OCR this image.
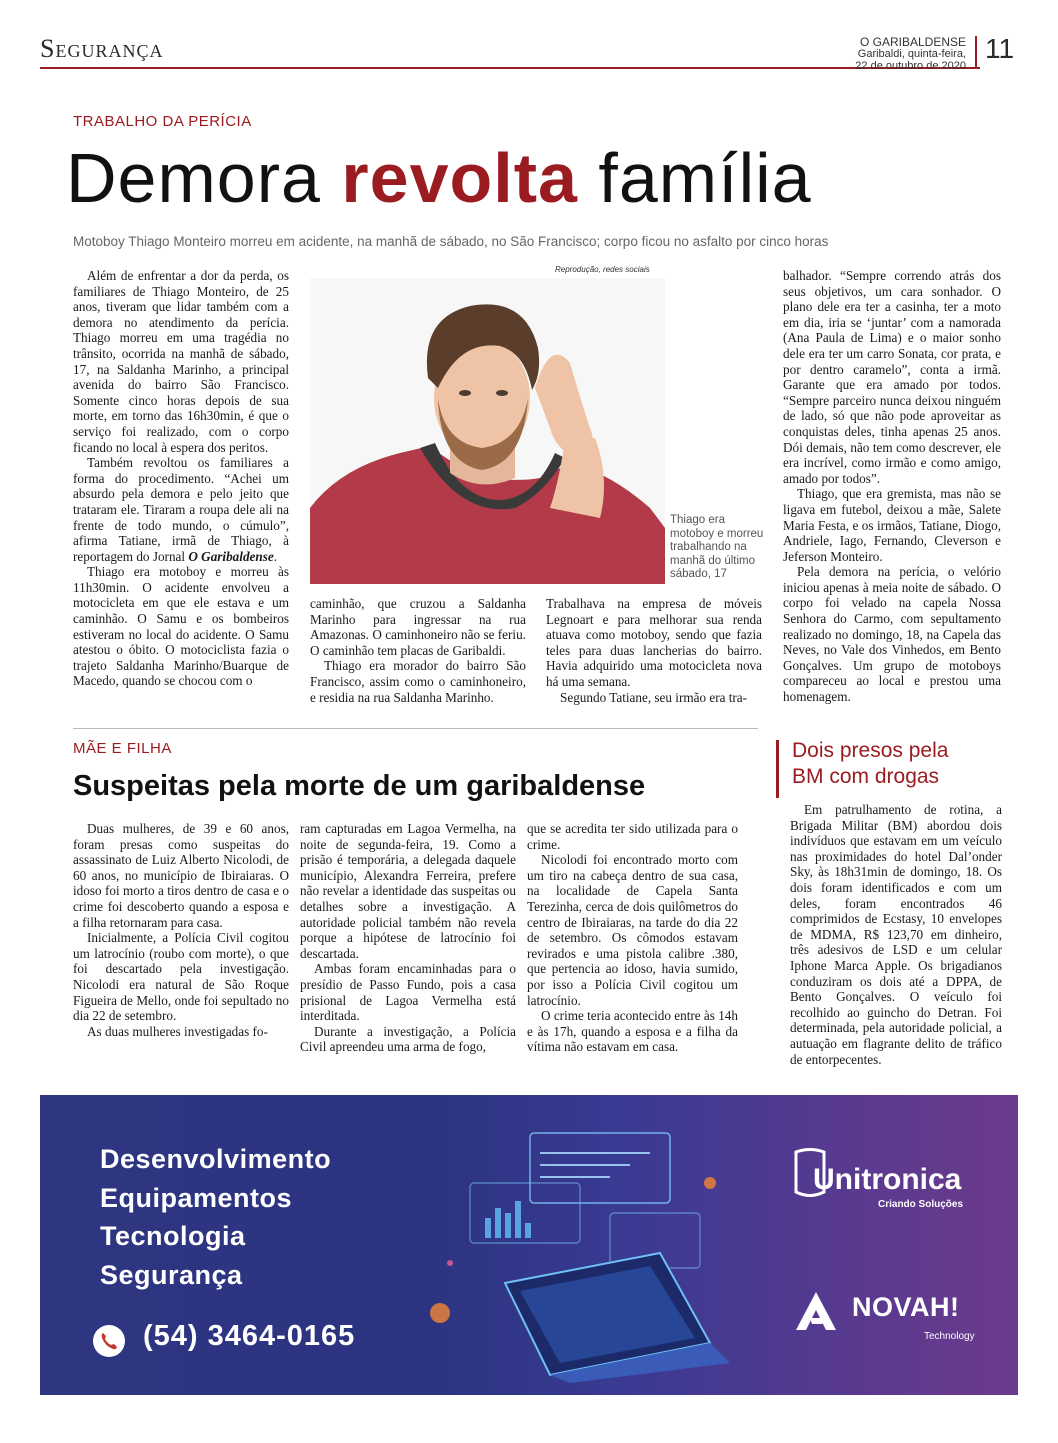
Segurança	O GARIBALDENSE
Garibaldi, quinta-feira,
22 de outubro de 2020
11
TRABALHO DA PERÍCIA
Demora revolta família
Motoboy Thiago Monteiro morreu em acidente, na manhã de sábado, no São Francisco; corpo ficou no asfalto por cinco horas

Além de enfrentar a dor da perda, os familiares de Thiago Monteiro, de 25 anos, tiveram que lidar também com a demora no atendimento da perícia. Thiago morreu em uma tragédia no trânsito, ocorrida na manhã de sábado, 17, na Saldanha Marinho, a principal avenida do bairro São Francisco. Somente cinco horas depois de sua morte, em torno das 16h30min, é que o serviço foi realizado, com o corpo ficando no local à espera dos peritos.

Também revoltou os familiares a forma do procedimento. “Achei um absurdo pela demora e pelo jeito que trataram ele. Tiraram a roupa dele ali na frente de todo mundo, o cúmulo”, afirma Tatiane, irmã de Thiago, à reportagem do Jornal O Garibaldense.

Thiago era motoboy e morreu às 11h30min. O acidente envolveu a motocicleta em que ele estava e um caminhão. O Samu e os bombeiros estiveram no local do acidente. O Samu atestou o óbito. O motociclista fazia o trajeto Saldanha Marinho/Buarque de Macedo, quando se chocou com o

Reprodução, redes sociais
Thiago era motoboy e morreu trabalhando na manhã do último sábado, 17

caminhão, que cruzou a Saldanha Marinho para ingressar na rua Amazonas. O caminhoneiro não se feriu. O caminhão tem placas de Garibaldi.

Thiago era morador do bairro São Francisco, assim como o caminhoneiro, e residia na rua Saldanha Marinho.

Trabalhava na empresa de móveis Legnoart e para melhorar sua renda atuava como motoboy, sendo que fazia teles para duas lancherias do bairro. Havia adquirido uma motocicleta nova há uma semana.

Segundo Tatiane, seu irmão era tra-

balhador. “Sempre correndo atrás dos seus objetivos, um cara sonhador. O plano dele era ter a casinha, ter a moto em dia, iria se ‘juntar’ com a namorada (Ana Paula de Lima) e o maior sonho dele era ter um carro Sonata, cor prata, e por dentro caramelo”, conta a irmã. Garante que era amado por todos. “Sempre parceiro nunca deixou ninguém de lado, só que não pode aproveitar as conquistas deles, tinha apenas 25 anos. Dói demais, não tem como descrever, ele era incrível, como irmão e como amigo, amado por todos”.

Thiago, que era gremista, mas não se ligava em futebol, deixou a mãe, Salete Maria Festa, e os irmãos, Tatiane, Diogo, Andriele, Iago, Fernando, Cleverson e Jeferson Monteiro.

Pela demora na perícia, o velório iniciou apenas à meia noite de sábado. O corpo foi velado na capela Nossa Senhora do Carmo, com sepultamento realizado no domingo, 18, na Capela das Neves, no Vale dos Vinhedos, em Bento Gonçalves. Um grupo de motoboys compareceu ao local e prestou uma homenagem.

MÃE E FILHA
Suspeitas pela morte de um garibaldense

Duas mulheres, de 39 e 60 anos, foram presas como suspeitas do assassinato de Luiz Alberto Nicolodi, de 60 anos, no município de Ibiraiaras. O idoso foi morto a tiros dentro de casa e o crime foi descoberto quando a esposa e a filha retornaram para casa.

Inicialmente, a Polícia Civil cogitou um latrocínio (roubo com morte), o que foi descartado pela investigação. Nicolodi era natural de São Roque Figueira de Mello, onde foi sepultado no dia 22 de setembro.

As duas mulheres investigadas fo-

ram capturadas em Lagoa Vermelha, na noite de segunda-feira, 19. Como a prisão é temporária, a delegada daquele município, Alexandra Ferreira, prefere não revelar a identidade das suspeitas ou detalhes sobre a investigação. A autoridade policial também não revela porque a hipótese de latrocínio foi descartada.

Ambas foram encaminhadas para o presídio de Passo Fundo, pois a casa prisional de Lagoa Vermelha está interditada.

Durante a investigação, a Polícia Civil apreendeu uma arma de fogo,

que se acredita ter sido utilizada para o crime.

Nicolodi foi encontrado morto com um tiro na cabeça dentro de sua casa, na localidade de Capela Santa Terezinha, cerca de dois quilômetros do centro de Ibiraiaras, na tarde do dia 22 de setembro. Os cômodos estavam revirados e uma pistola calibre .380, que pertencia ao idoso, havia sumido, por isso a Polícia Civil cogitou um latrocínio.

O crime teria acontecido entre às 14h e às 17h, quando a esposa e a filha da vítima não estavam em casa.

Dois presos pela BM com drogas

Em patrulhamento de rotina, a Brigada Militar (BM) abordou dois indivíduos que estavam em um veículo nas proximidades do hotel Dal’onder Sky, às 18h31min de domingo, 18. Os dois foram identificados e com um deles, foram encontrados 46 comprimidos de Ecstasy, 10 envelopes de MDMA, R$ 123,70 em dinheiro, três adesivos de LSD e um celular Iphone Marca Apple. Os brigadianos conduziram os dois até a DPPA, de Bento Gonçalves. O veículo foi recolhido ao guincho do Detran. Foi determinada, pela autoridade policial, a autuação em flagrante delito de tráfico de entorpecentes.

Desenvolvimento
Equipamentos
Tecnologia
Segurança
(54) 3464-0165
Unitronica
Criando Soluções
NOVAH!
Technology
